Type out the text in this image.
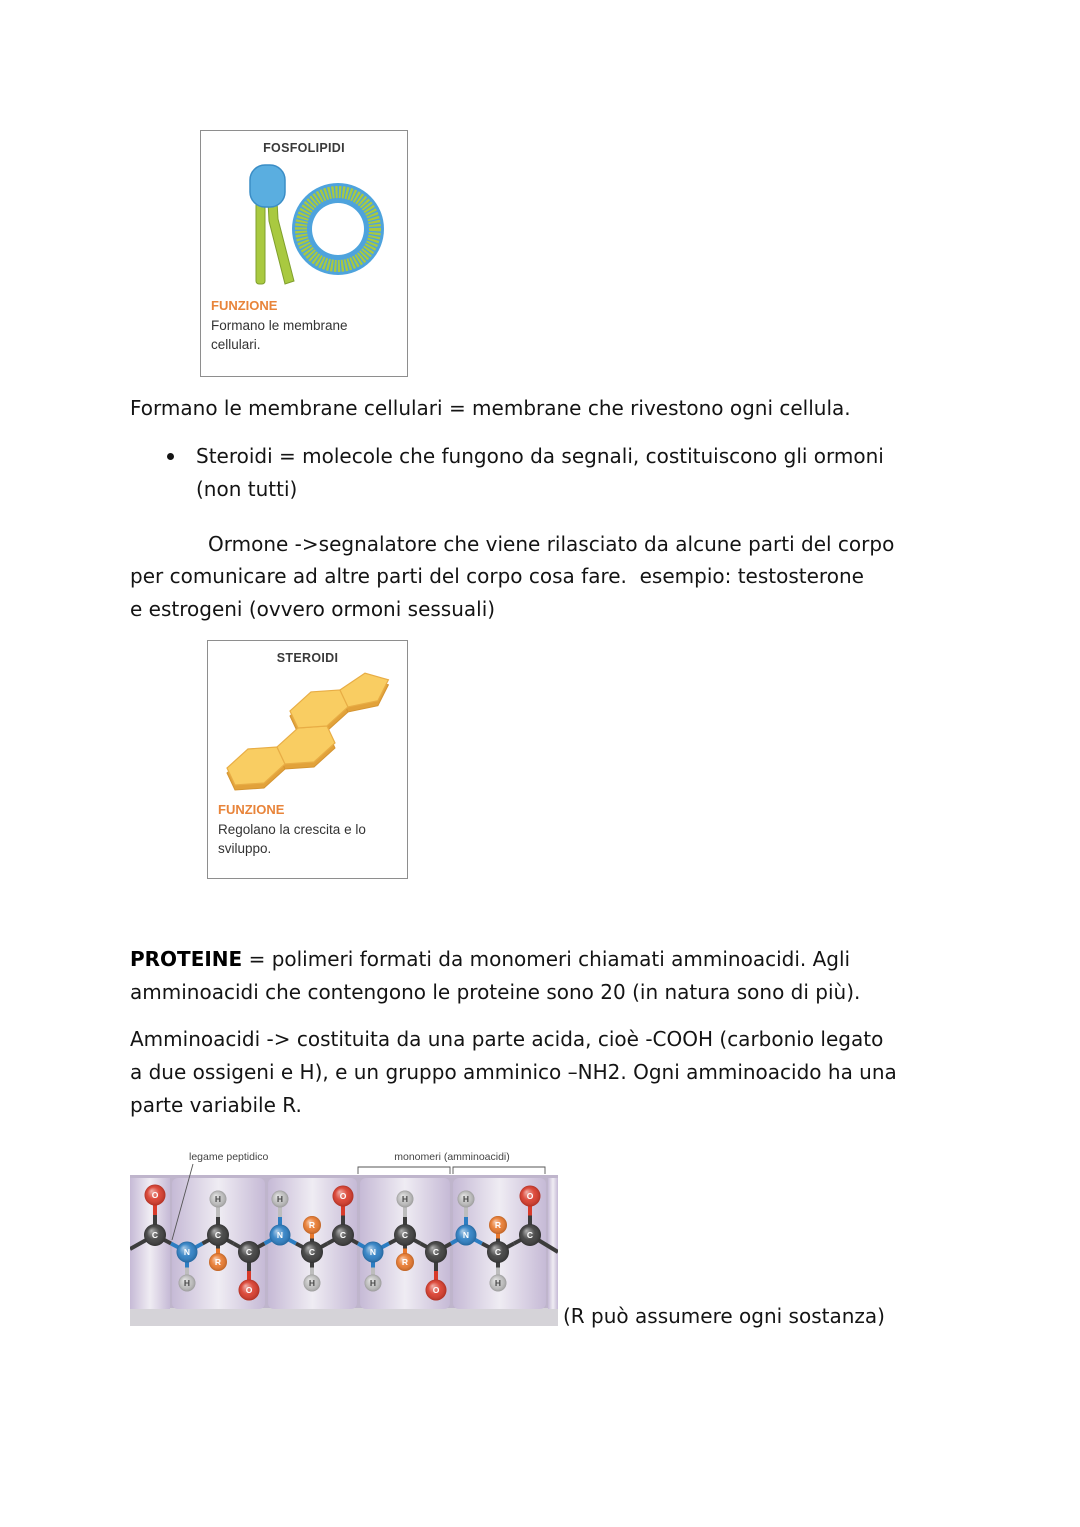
FOSFOLIPIDI
FUNZIONE
Formano le membrane
cellulari.
Formano le membrane cellulari = membrane che rivestono ogni cellula.
Steroidi = molecole che fungono da segnali, costituiscono gli ormoni
(non tutti)
Ormone ->segnalatore che viene rilasciato da alcune parti del corpo
per comunicare ad altre parti del corpo cosa fare.  esempio: testosterone
e estrogeni (ovvero ormoni sessuali)
STEROIDI
FUNZIONE
Regolano la crescita e lo
sviluppo.
PROTEINE = polimeri formati da monomeri chiamati amminoacidi. Agli
amminoacidi che contengono le proteine sono 20 (in natura sono di più).
Amminoacidi -> costituita da una parte acida, cioè -COOH (carbonio legato
a due ossigeni e H), e un gruppo amminico –NH2. Ogni amminoacido ha una
parte variabile R.
legame peptidico	monomeri (amminoacidi)
O
C
N
H
C
H
R
C
O
N
H
C
R
H
C
O
N
H
C
H
R
C
O
N
H
C
R
H
C
O
(R può assumere ogni sostanza)
